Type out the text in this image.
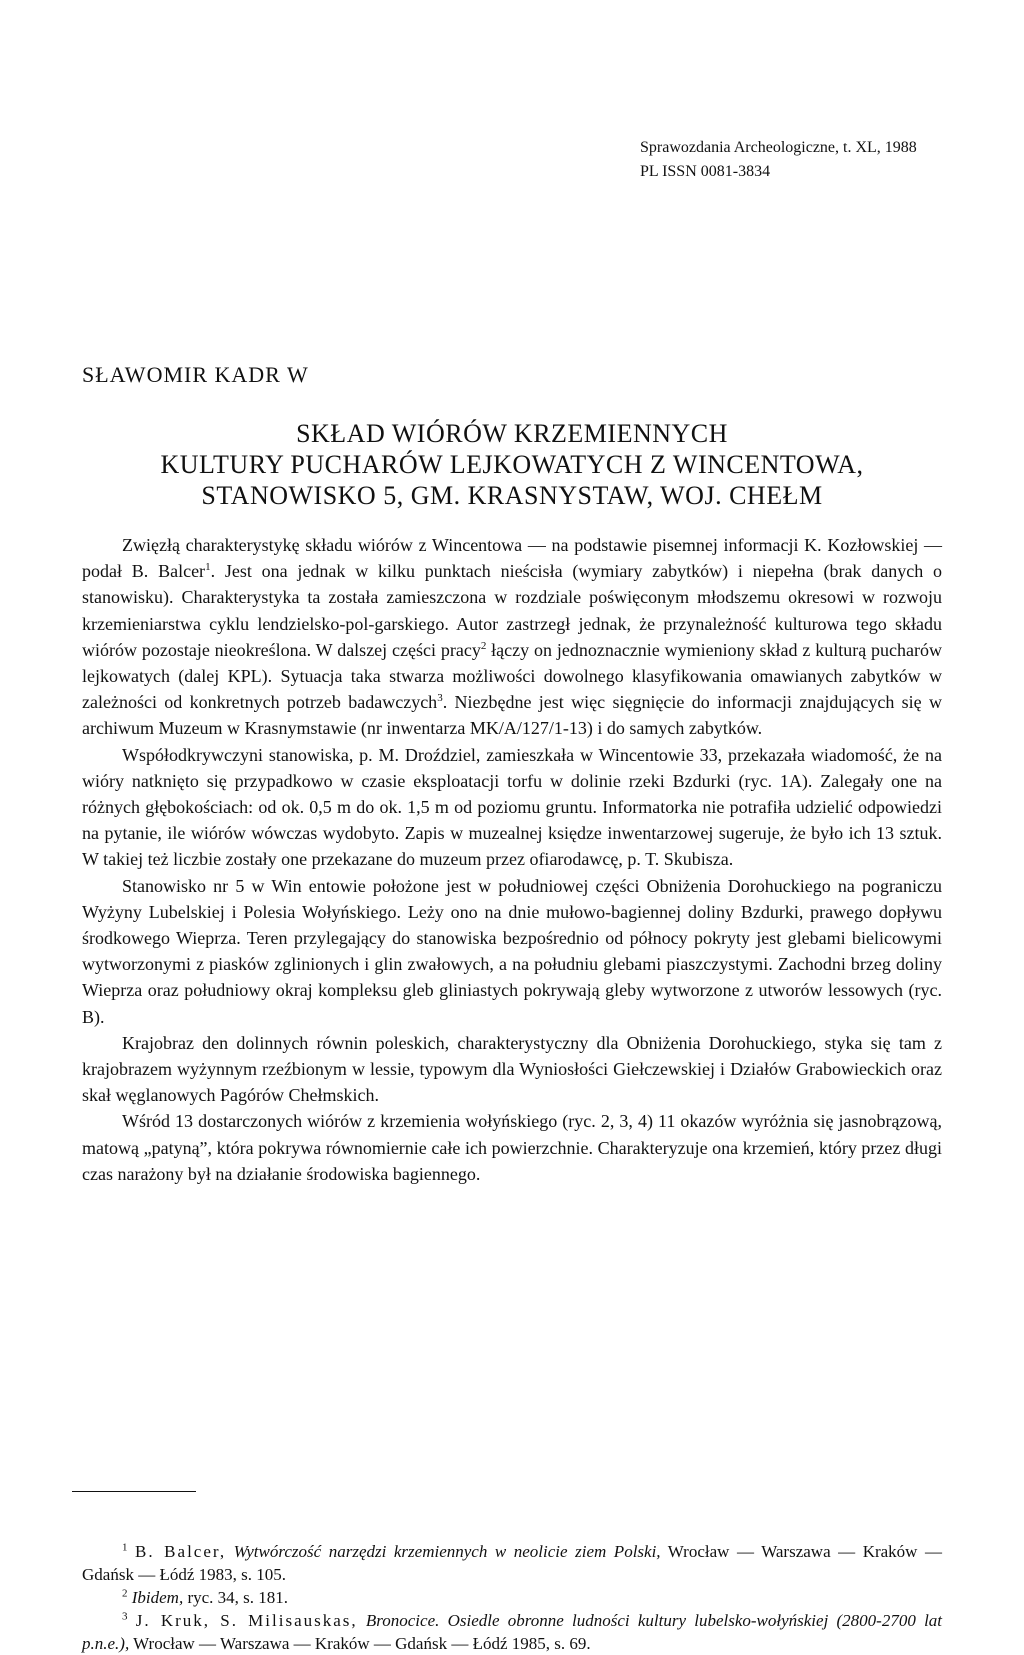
Sprawozdania Archeologiczne, t. XL, 1988
PL ISSN 0081-3834
SŁAWOMIR KADR W
SKŁAD WIÓRÓW KRZEMIENNYCH
KULTURY PUCHARÓW LEJKOWATYCH Z WINCENTOWA,
STANOWISKO 5, GM. KRASNYSTAW, WOJ. CHEŁM

Zwięzłą charakterystykę składu wiórów z Wincentowa — na podstawie pisemnej informacji K. Kozłowskiej — podał B. Balcer$^1$. Jest ona jednak w kilku punktach nieścisła (wymiary zabytków) i niepełna (brak danych o stanowisku). Charakterystyka ta została zamieszczona w rozdziale poświęconym młodszemu okresowi w rozwoju krzemieniarstwa cyklu lendzielsko-pol-garskiego. Autor zastrzegł jednak, że przynależność kulturowa tego składu wiórów pozostaje nieokreślona. W dalszej części pracy$^2$ łączy on jednoznacznie wymieniony skład z kulturą pucharów lejkowatych (dalej KPL). Sytuacja taka stwarza możliwości dowolnego klasyfikowania omawianych zabytków w zależności od konkretnych potrzeb badawczych$^3$. Niezbędne jest więc sięgnięcie do informacji znajdujących się w archiwum Muzeum w Krasnymstawie (nr inwentarza MK/A/127/1-13) i do samych zabytków.

Współodkrywczyni stanowiska, p. M. Droździel, zamieszkała w Wincentowie 33, przekazała wiadomość, że na wióry natknięto się przypadkowo w czasie eksploatacji torfu w dolinie rzeki Bzdurki (ryc. 1A). Zalegały one na różnych głębokościach: od ok. 0,5 m do ok. 1,5 m od poziomu gruntu. Informatorka nie potrafiła udzielić odpowiedzi na pytanie, ile wiórów wówczas wydobyto. Zapis w muzealnej księdze inwentarzowej sugeruje, że było ich 13 sztuk. W takiej też liczbie zostały one przekazane do muzeum przez ofiarodawcę, p. T. Skubisza.

Stanowisko nr 5 w Win entowie położone jest w południowej części Obniżenia Dorohuckiego na pograniczu Wyżyny Lubelskiej i Polesia Wołyńskiego. Leży ono na dnie mułowo-bagiennej doliny Bzdurki, prawego dopływu środkowego Wieprza. Teren przylegający do stanowiska bezpośrednio od północy pokryty jest glebami bielicowymi wytworzonymi z piasków zglinionych i glin zwałowych, a na południu glebami piaszczystymi. Zachodni brzeg doliny Wieprza oraz południowy okraj kompleksu gleb gliniastych pokrywają gleby wytworzone z utworów lessowych (ryc. B).

Krajobraz den dolinnych równin poleskich, charakterystyczny dla Obniżenia Dorohuckiego, styka się tam z krajobrazem wyżynnym rzeźbionym w lessie, typowym dla Wyniosłości Giełczewskiej i Działów Grabowieckich oraz skał węglanowych Pagórów Chełmskich.

Wśród 13 dostarczonych wiórów z krzemienia wołyńskiego (ryc. 2, 3, 4) 11 okazów wyróżnia się jasnobrązową, matową „patyną”, która pokrywa równomiernie całe ich powierzchnie. Charakteryzuje ona krzemień, który przez długi czas narażony był na działanie środowiska bagiennego.

$^1$ B. Balcer, Wytwórczość narzędzi krzemiennych w neolicie ziem Polski, Wrocław — Warszawa — Kraków — Gdańsk — Łódź 1983, s. 105.

$^2$ Ibidem, ryc. 34, s. 181.

$^3$ J. Kruk, S. Milisauskas, Bronocice. Osiedle obronne ludności kultury lubelsko-wołyńskiej (2800-2700 lat p.n.e.), Wrocław — Warszawa — Kraków — Gdańsk — Łódź 1985, s. 69.
